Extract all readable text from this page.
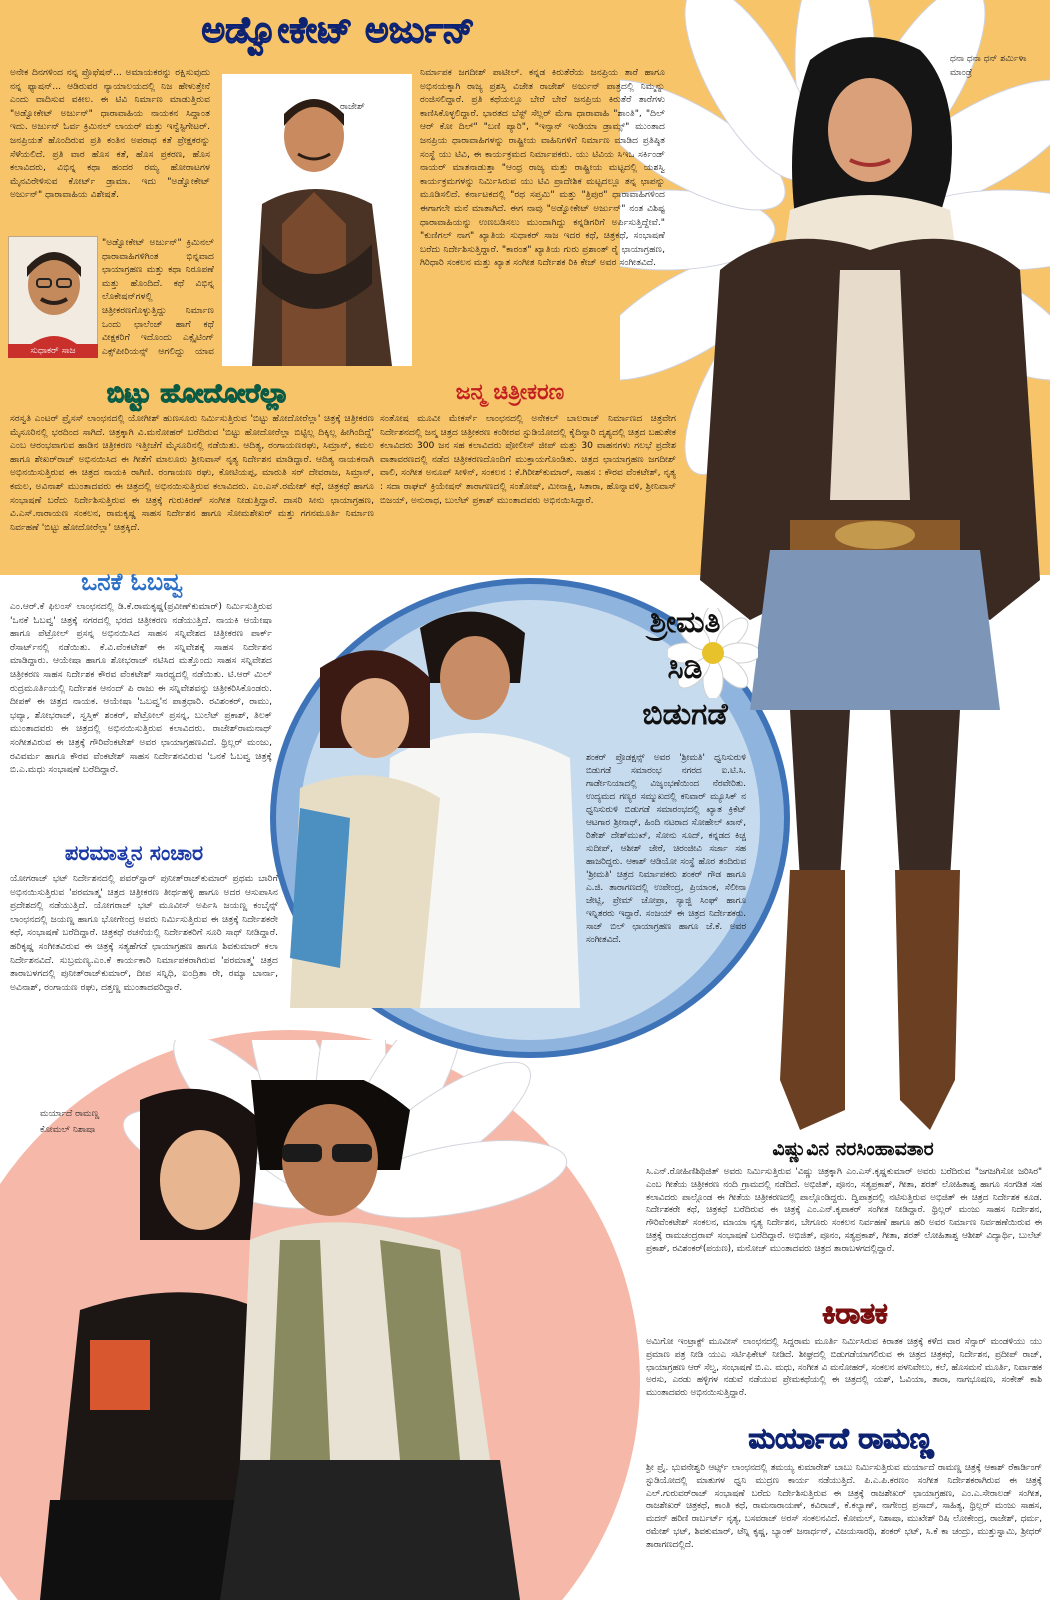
ಅಡ್ವೋಕೇಟ್ ಅರ್ಜುನ್
ಅನೇಕ ದಿನಗಳಿಂದ ನನ್ನ ಪ್ರೊಫೆಷನ್... ಅಮಾಯಕರನ್ನು ರಕ್ಷಿಸುವುದು ನನ್ನ ಫ್ಯಾಷನ್... ಆಡಿರುವರ ನ್ಯಾಯಾಲಯದಲ್ಲಿ ನಿಜ ಹೇಳುತ್ತೇನೆ ಎಂದು ವಾದಿಸುವ ವಕೀಲ. ಈ ಟಿವಿ ನಿರ್ಮಾಣ ಮಾಡುತ್ತಿರುವ "ಅಡ್ವೋಕೇಟ್ ಅರ್ಜುನ್" ಧಾರಾವಾಹಿಯ ನಾಯಕನ ಸಿದ್ದಾಂತ ಇದು. ಅರ್ಜುನ್ ಓರ್ವ ಕ್ರಿಮಿನಲ್ ಲಾಯರ್ ಮತ್ತು ಇನ್ವೆಸ್ಟಿಗೇಟರ್. ಜನಪ್ರಿಯತೆ ಹೊಂದಿರುವ ಪ್ರತಿ ಕಂತಿನ ಅಪರಾಧ ಕತೆ ಪ್ರೇಕ್ಷಕರನ್ನು ಸೆಳೆಯಲಿದೆ. ಪ್ರತಿ ವಾರ ಹೊಸ ಕತೆ, ಹೊಸ ಪ್ರಕರಣ, ಹೊಸ ಕಲಾವಿದರು, ವಿಭಿನ್ನ ಕಥಾ ಹಂದರ ರಮ್ಯ ಹೋರಾಟಗಳ ಮೈನವಿರೇಳಿಸುವ ಕೋರ್ಟ್ ಡ್ರಾಮಾ. ಇದು "ಅಡ್ವೋಕೇಟ್ ಅರ್ಜುನ್" ಧಾರಾವಾಹಿಯ ವಿಶೇಷತೆ.
ಸುಧಾಕರ್ ಸಾಜ
"ಅಡ್ವೋಕೇಟ್ ಅರ್ಜುನ್" ಕ್ರಿಮಿನಲ್ ಧಾರಾವಾಹಿಗಳಿಗಿಂತ ಭಿನ್ನವಾದ ಛಾಯಾಗ್ರಹಣ ಮತ್ತು ಕಥಾ ನಿರೂಪಣೆ ಮತ್ತು ಹೊಂದಿದೆ. ಕಥೆ ವಿಭಿನ್ನ ಲೊಕೇಷನ್‌ಗಳಲ್ಲಿ ಚಿತ್ರೀಕರಣಗೊಳ್ಳುತ್ತಿದ್ದು ನಿರ್ಮಾಣ ಒಂದು ಛಾಲೆಂಜ್ ಹಾಗೆ ಕಥೆ ವೀಕ್ಷಕರಿಗೆ ಇದೊಂದು ಎಕ್ಸೈಟಿಂಗ್ ಎಕ್ಸ್‌ಪೀರಿಯನ್ಸ್ ಆಗಲಿದ್ದು ಯಾವ
ರಾಜೇಶ್
ನಿರ್ಮಾಪಕ ಜಗದೀಶ್ ಪಾಟೀಲ್. ಕನ್ನಡ ಕಿರುತೆರೆಯ ಜನಪ್ರಿಯ ತಾರೆ ಹಾಗೂ ಅಭಿನಯಕ್ಕಾಗಿ ರಾಜ್ಯ ಪ್ರಶಸ್ತಿ ವಿಜೇತ ರಾಜೇಶ್ ಅರ್ಜುನ್ ಪಾತ್ರದಲ್ಲಿ ನಿಮ್ಮನ್ನು ರಂಜಿಸಲಿದ್ದಾರೆ. ಪ್ರತಿ ಕಥೆಯಲ್ಲೂ ಬೇರೆ ಬೇರೆ ಜನಪ್ರಿಯ ಕಿರುತೆರೆ ತಾರೆಗಳು ಕಾಣಿಸಿಕೊಳ್ಳಲಿದ್ದಾರೆ. ಭಾರತದ ಬೆಸ್ಟ್ ಸೆಲ್ಲರ್ ಮೆಗಾ ಧಾರಾವಾಹಿ "ಶಾಂತಿ", "ದಿಲ್ ಆರ್ ಕೋ ದಿಲ್" "ಬಣಿ ಪ್ಯಾರಿ", "ಇನ್ಸಾನ್ ಇಂಡಿಯಾ ಡ್ರಾಮ್ಸ್" ಮುಂತಾದ ಜನಪ್ರಿಯ ಧಾರಾವಾಹಿಗಳನ್ನು ರಾಷ್ಟ್ರೀಯ ವಾಹಿನಿಗಳಿಗೆ ನಿರ್ಮಾಣ ಮಾಡಿದ ಪ್ರತಿಷ್ಠಿತ ಸಂಸ್ಥೆ ಯು ಟಿವಿ, ಈ ಕಾರ್ಯಕ್ರಮದ ನಿರ್ಮಾಪಕರು. ಯು ಟಿವಿಯ ಸಿಇಒ ಸರ್ಕಿಂಡ್ ನಾಯರ್ ಮಾತನಾಡುತ್ತಾ "ಆಂಧ್ರ ರಾಜ್ಯ ಮತ್ತು ರಾಷ್ಟ್ರೀಯ ಮಟ್ಟದಲ್ಲಿ ಯಶಸ್ವಿ ಕಾರ್ಯಕ್ರಮಗಳನ್ನು ನಿರ್ಮಿಸಿರುವ ಯು ಟಿವಿ ಪ್ರಾದೇಶಿಕ ಮಟ್ಟದಲ್ಲೂ ತನ್ನ ಛಾಪನ್ನು ಮೂಡಿಸಲಿದೆ. ಕರ್ನಾಟಕದಲ್ಲಿ "ರಥ ಸಪ್ತಮಿ" ಮತ್ತು "ತ್ರಿಪುರ" ಧಾರಾವಾಹಿಗಳಿಂದ ಈಗಾಗಲೇ ಮನೆ ಮಾತಾಗಿದೆ. ಈಗ ನಾವು "ಅಡ್ವೋಕೇಟ್ ಅರ್ಜುನ್" ನಂತ ವಿಶಿಷ್ಟ ಧಾರಾವಾಹಿಯನ್ನು ಉಣಬಡಿಸಲು ಮುಂದಾಗಿದ್ದು ಕನ್ನಡಿಗರಿಗೆ ಅರ್ಪಿಸುತ್ತಿದ್ದೇವೆ." "ಕುಣಿಗಲ್ ನಾಗ" ಖ್ಯಾತಿಯ ಸುಧಾಕರ್ ಸಾಜ ಇದರ ಕಥೆ, ಚಿತ್ರಕಥೆ, ಸಂಭಾಷಣೆ ಬರೆದು ನಿರ್ದೇಶಿಸುತ್ತಿದ್ದಾರೆ. "ಕಾರಂತ" ಖ್ಯಾತಿಯ ಗುರು ಪ್ರಶಾಂತ್ ರೈ ಛಾಯಾಗ್ರಹಣ, ಗಿರಿಧಾರಿ ಸಂಕಲನ ಮತ್ತು ಖ್ಯಾತ ಸಂಗೀತ ನಿರ್ದೇಶಕ ರಿಕಿ ಕೇಜ್ ಅವರ ಸಂಗೀತವಿದೆ.
ಬಿಟ್ಟು ಹೋದೋರೆಲ್ಲಾ
ಸರಸ್ವತಿ ಎಂಟರ್ ಪ್ರೈಸಸ್ ಲಾಂಛನದಲ್ಲಿ ಯೋಗೀಶ್ ಹುಣಸೂರು ನಿರ್ಮಿಸುತ್ತಿರುವ 'ಬಿಟ್ಟು ಹೋದೋರೆಲ್ಲಾ' ಚಿತ್ರಕ್ಕೆ ಚಿತ್ರೀಕರಣ ಮೈಸೂರಿನಲ್ಲಿ ಭರದಿಂದ ಸಾಗಿದೆ. ಚಿತ್ರಕ್ಕಾಗಿ ವಿ.ಮನೋಹರ್ ಬರೆದಿರುವ 'ಬಿಟ್ಟು ಹೋದೋರೆಲ್ಲಾ ಬಿಟ್ಟಿಲ್ಲ ದಿಕ್ಕಿಲ್ಲ ಹೀಗಿಂದಿದ್ದೆ' ಎಂಬ ಆರಂಭವಾಗುವ ಹಾಡಿನ ಚಿತ್ರೀಕರಣ ಇತ್ತೀಚೆಗೆ ಮೈಸೂರಿನಲ್ಲಿ ನಡೆಯಿತು. ಆದಿತ್ಯ, ರಂಗಾಯಣರಘು, ಸಿಮ್ರಾನ್, ಕಮಲ ಹಾಗೂ ಶೇಖರ್‌ರಾಜ್ ಅಭಿನಯಿಸಿದ ಈ ಗೀತೆಗೆ ಮಾಲೂರು ಶ್ರೀನಿವಾಸ್ ನೃತ್ಯ ನಿರ್ದೇಶನ ಮಾಡಿದ್ದಾರೆ. ಆದಿತ್ಯ ನಾಯಕನಾಗಿ ಅಭಿನಯಿಸುತ್ತಿರುವ ಈ ಚಿತ್ರದ ನಾಯಕಿ ರಾಗಿಣಿ. ರಂಗಾಯಣ ರಘು, ಕೋಟಿಯಪ್ಪ, ಮಾರುತಿ ಸರ್ ದೇವರಾಜ, ಸಿಮ್ರಾನ್, ಕಮಲ, ಅವಿನಾಶ್ ಮುಂತಾದವರು ಈ ಚಿತ್ರದಲ್ಲಿ ಅಭಿನಯಿಸುತ್ತಿರುವ ಕಲಾವಿದರು. ಎಂ.ಎಸ್.ರಮೇಶ್ ಕಥೆ, ಚಿತ್ರಕಥೆ ಹಾಗೂ ಸಂಭಾಷಣೆ ಬರೆದು ನಿರ್ದೇಶಿಸುತ್ತಿರುವ ಈ ಚಿತ್ರಕ್ಕೆ ಗುರುಕಿರಣ್ ಸಂಗೀತ ನೀಡುತ್ತಿದ್ದಾರೆ. ದಾಸರಿ ಸೀನು ಛಾಯಾಗ್ರಹಣ, ವಿ.ಎಸ್.ನಾರಾಯಣ ಸಂಕಲನ, ರಾಮಕೃಷ್ಣ ಸಾಹಸ ನಿರ್ದೇಶನ ಹಾಗೂ ಸೋಮಶೇಖರ್ ಮತ್ತು ಗಗನಮೂರ್ತಿ ನಿರ್ಮಾಣ ನಿರ್ವಹಣೆ 'ಬಿಟ್ಟು ಹೋದೋರೆಲ್ಲಾ' ಚಿತ್ರಕ್ಕಿದೆ.
ಜನ್ಮ ಚಿತ್ರೀಕರಣ
ಸಂತೋಷ ಮೂವೀ ಮೇಕರ್ಸ್ ಲಾಂಛನದಲ್ಲಿ ಅನೇಕಲ್ ಬಾಲರಾಜ್ ನಿರ್ಮಾಣದ ಚಿತ್ರವೇಗ ನಿರ್ದೇಶನದಲ್ಲಿ ಜನ್ಮ ಚಿತ್ರದ ಚಿತ್ರೀಕರಣ ಕಂಠೀರವ ಸ್ಟುಡಿಯೋದಲ್ಲಿ ಕೈದಿನ್ನಾರಿ ದೃಶ್ಯದಲ್ಲಿ ಚಿತ್ರದ ಬಹುತೇಕ ಕಲಾವಿದರು 300 ಜನ ಸಹ ಕಲಾವಿದರು ಪೋಲೀಸ್ ಜೀಪ್ ಮತ್ತು 30 ವಾಹನಗಳು ಗಲಭೆ ಪ್ರದೇಶ ವಾತಾವರಣದಲ್ಲಿ ನಡೆದ ಚಿತ್ರೀಕರಣದೊಂದಿಗೆ ಮುಕ್ತಾಯಗೊಂಡಿತು. ಚಿತ್ರದ ಛಾಯಾಗ್ರಹಣ ಜಗದೀಶ್ ವಾಲಿ, ಸಂಗೀತ ಅನೂಪ್ ಸೀಳಿನ್, ಸಂಕಲನ : ಕೆ.ಗಿರೀಶ್‌ಕುಮಾರ್, ಸಾಹಸ : ಕೌರವ ವೆಂಕಟೇಶ್, ನೃತ್ಯ : ಸದಾ ರಾಘವ್ ಕ್ರಿಯೇಷನ್ ತಾರಾಗಣದಲ್ಲಿ ಸಂತೋಷ್, ಮೀನಾಕ್ಷಿ, ಸಿತಾರಾ, ಹೊನ್ನಾವಳಿ, ಶ್ರೀನಿವಾಸ್ ಬಿಜಯ್, ಅನುರಾಧ, ಬುಲೆಟ್ ಪ್ರಕಾಶ್ ಮುಂತಾದವರು ಅಭಿನಯಿಸಿದ್ದಾರೆ.
ಧನಾ ಧನಾ ಧನ್ ಶರ್ಮಿಳಾ ಮಾಂಡ್ರೆ
ಒನಕೆ ಓಬವ್ವ
ಎಂ.ಆರ್.ಕೆ ಫಿಲಂಸ್ ಲಾಂಛನದಲ್ಲಿ ಡಿ.ಕೆ.ರಾಮಕೃಷ್ಣ(ಪ್ರವೀಣ್‌ಕುಮಾರ್) ನಿರ್ಮಿಸುತ್ತಿರುವ 'ಒನಕೆ ಓಬವ್ವ' ಚಿತ್ರಕ್ಕೆ ನಗರದಲ್ಲಿ ಭರದ ಚಿತ್ರೀಕರಣ ನಡೆಯುತ್ತಿದೆ. ನಾಯಕಿ ಆಯೇಷಾ ಹಾಗೂ ಪೆಟ್ರೋಲ್ ಪ್ರಸನ್ನ ಅಭಿನಯಿಸಿದ ಸಾಹಸ ಸನ್ನಿವೇಶದ ಚಿತ್ರೀಕರಣ ಪಾರ್ಕ್ ರೆಸಾರ್ಟ್‌ನಲ್ಲಿ ನಡೆಯಿತು. ಕೆ.ವಿ.ವೆಂಕಟೇಶ್ ಈ ಸನ್ನಿವೇಶಕ್ಕೆ ಸಾಹಸ ನಿರ್ದೇಶನ ಮಾಡಿದ್ದಾರು. ಆಯೇಷಾ ಹಾಗೂ ಶೋಭರಾಜ್ ನಟಿಸಿದ ಮತ್ತೊಂದು ಸಾಹಸ ಸನ್ನಿವೇಶದ ಚಿತ್ರೀಕರಣ ಸಾಹಸ ನಿರ್ದೇಶಕ ಕೌರವ ವೆಂಕಟೇಶ್ ಸಾರಥ್ಯದಲ್ಲಿ ನಡೆಯಿತು. ಟಿ.ಆರ್ ಮಿಲ್ ರುದ್ರಮೂರ್ತಿಯಲ್ಲಿ ನಿರ್ದೇಶಕ ಆನಂದ್ ಪಿ ರಾಜು ಈ ಸನ್ನಿವೇಶವನ್ನು ಚಿತ್ರೀಕರಿಸಿಕೊಂಡರು. ದೀಪಕ್ ಈ ಚಿತ್ರದ ನಾಯಕ. ಆಯೇಷಾ 'ಒಬವ್ವ'ನ ಪಾತ್ರಧಾರಿ. ರವಿಶಂಕರ್, ರಾಮು, ಭವ್ಯಾ, ಶೋಭರಾಜ್, ಸ್ವಸ್ತಿಕ್ ಶಂಕರ್, ಪೆಟ್ರೋಲ್ ಪ್ರಸನ್ನ, ಬುಲೆಟ್ ಪ್ರಕಾಶ್, ತಿಲಕ್ ಮುಂತಾದವರು ಈ ಚಿತ್ರದಲ್ಲಿ ಅಭಿನಯಿಸುತ್ತಿರುವ ಕಲಾವಿದರು. ರಾಜೇಶ್‌ರಾಮನಾಥ್ ಸಂಗೀತವಿರುವ ಈ ಚಿತ್ರಕ್ಕೆ ಗೌರಿವೆಂಕಟೇಶ್ ಅವರ ಛಾಯಾಗ್ರಹಣವಿದೆ. ಥ್ರಿಲ್ಲರ್ ಮಂಜು, ರವಿವರ್ಮ ಹಾಗೂ ಕೌರವ ವೆಂಕಟೇಶ್ ಸಾಹಸ ನಿರ್ದೇಶನವಿರುವ 'ಒನಕೆ ಓಬವ್ವ ಚಿತ್ರಕ್ಕೆ ಬಿ.ಎ.ಮಧು ಸಂಭಾಷಣೆ ಬರೆದಿದ್ದಾರೆ.
ಪರಮಾತ್ಮನ ಸಂಚಾರ
ಯೋಗರಾಜ್ ಭಟ್ ನಿರ್ದೇಶನದಲ್ಲಿ ಪವರ್‌ಸ್ಟಾರ್ ಪುನೀತ್‌ರಾಜ್‌ಕುಮಾರ್ ಪ್ರಥಮ ಬಾರಿಗೆ ಅಭಿನಯಿಸುತ್ತಿರುವ 'ಪರಮಾತ್ಮ' ಚಿತ್ರದ ಚಿತ್ರೀಕರಣ ತೀರ್ಥಹಳ್ಳಿ ಹಾಗೂ ಅದರ ಆಸುಪಾಸಿನ ಪ್ರದೇಶದಲ್ಲಿ ನಡೆಯುತ್ತಿದೆ. ಯೋಗರಾಜ್ ಭಟ್ ಮೂವೀಸ್ ಅರ್ಪಿಸಿ ಜಯಣ್ಣ ಕಂಬೈನ್ಸ್ ಲಾಂಛನದಲ್ಲಿ ಜಯಣ್ಣ ಹಾಗೂ ಭೋಗೇಂದ್ರ ಅವರು ನಿರ್ಮಿಸುತ್ತಿರುವ ಈ ಚಿತ್ರಕ್ಕೆ ನಿರ್ದೇಶಕರೇ ಕಥೆ, ಸಂಭಾಷಣೆ ಬರೆದಿದ್ದಾರೆ. ಚಿತ್ರಕಥೆ ರಚನೆಯಲ್ಲಿ ನಿರ್ದೇಶಕರಿಗೆ ಸೂರಿ ಸಾಥ್ ನೀಡಿದ್ದಾರೆ. ಹರಿಕೃಷ್ಣ ಸಂಗೀತವಿರುವ ಈ ಚಿತ್ರಕ್ಕೆ ಸತ್ಯಹೆಗಡೆ ಛಾಯಾಗ್ರಹಣ ಹಾಗೂ ಶಿವಕುಮಾರ್ ಕಲಾ ನಿರ್ದೇಶನವಿದೆ. ಸುಬ್ರಮಣ್ಯ.ಎಂ.ಕೆ ಕಾರ್ಯಕಾರಿ ನಿರ್ಮಾಪಕರಾಗಿರುವ 'ಪರಮಾತ್ಮ' ಚಿತ್ರದ ತಾರಾಬಳಗದಲ್ಲಿ ಪುನೀತ್‌ರಾಜ್‌ಕುಮಾರ್, ದೀಪ ಸನ್ನಿಧಿ, ಐಂದ್ರಿತಾ ರೇ, ರಮ್ಯಾ ಬಾರ್ನಾ, ಅವಿನಾಶ್, ರಂಗಾಯಣ ರಘು, ದತ್ತಣ್ಣ ಮುಂತಾದವರಿದ್ದಾರೆ.
ಶ್ರೀಮತಿ
ಸಿಡಿ
ಬಿಡುಗಡೆ
ಶಂಕರ್ ಪ್ರೊಡಕ್ಷನ್ಸ್ ಅವರ 'ಶ್ರೀಮತಿ' ಧ್ವನಿಸುರುಳಿ ಬಿಡುಗಡೆ ಸಮಾರಂಭ ನಗರದ ಐ.ಟಿ.ಸಿ. ಗಾರ್ಡೇನಿಯಾದಲ್ಲಿ ವಿಜೃಂಭಣೆಯಿಂದ ನೆರವೇರಿತು. ಉದ್ಯಮದ ಗಣ್ಯರ ಸಮ್ಮುಖದಲ್ಲಿ ಕನಿವಾರ್ ಮ್ಯೂಸಿಕ್ ನ ಧ್ವನಿಸುರುಳಿ ಬಿಡುಗಡೆ ಸಮಾರಂಭದಲ್ಲಿ ಖ್ಯಾತ ಕ್ರಿಕೆಟ್ ಆಟಗಾರ ಶ್ರೀನಾಥ್, ಹಿಂದಿ ನಟರಾದ ಸೋಹೇಲ್ ಖಾನ್, ರಿತೇಶ್ ದೇಶ್‌ಮುಖ್, ಸೋನು ಸೂದ್, ಕನ್ನಡದ ಕಿಚ್ಚ ಸುದೀಪ್, ಆಶೀಶ್ ಜೇಠೆ, ಚಿರಂಜೀವಿ ಸರ್ಜಾ ಸಹ ಹಾಜರಿದ್ದರು. ಆಕಾಶ್ ಆಡಿಯೋ ಸಂಸ್ಥೆ ಹೊರ ತಂದಿರುವ 'ಶ್ರೀಮತಿ' ಚಿತ್ರದ ನಿರ್ಮಾಪಕರು ಶಂಕರ್ ಗೌಡ ಹಾಗೂ ಎ.ಜಿ. ತಾರಾಗಣದಲ್ಲಿ ಉಪೇಂದ್ರ, ಪ್ರಿಯಾಂಕ, ಸೆಲೀನಾ ಜೇಟ್ಲಿ, ಪ್ರೇಮ್ ಚೋಪ್ರಾ, ಸ್ಯಾಜ್ಜಿ ಸಿಂಘ್ ಹಾಗೂ ಇನ್ನಿತರರು ಇದ್ದಾರೆ. ಸಂಜಯ್ ಈ ಚಿತ್ರದ ನಿರ್ದೇಶಕರು. ಸಾಜ್ ಬಿಲ್ ಛಾಯಾಗ್ರಹಣ ಹಾಗೂ ಜೆ.ಕೆ. ಅವರ ಸಂಗೀತವಿದೆ.
ಮರ್ಯಾದೆ ರಾಮಣ್ಣ ಕೋಮಲ್ ನಿಶಾಷಾ
ವಿಷ್ಣುವಿನ ನರಸಿಂಹಾವತಾರ
ಸಿ.ಎನ್.ರೋಹಿಣಿಶಿಥಿಜಿತ್ ಅವರು ನಿರ್ಮಿಸುತ್ತಿರುವ 'ವಿಷ್ಣು ಚಿತ್ರಕ್ಕಾಗಿ ಎಂ.ಎಸ್.ಕೃಷ್ಣಕುಮಾರ್ ಅವರು ಬರೆದಿರುವ "ಜಗಜಗಿಸೋ ಜರಿಸಿರ" ಎಂಬ ಗೀತೆಯ ಚಿತ್ರೀಕರಣ ನಂದಿ ಗ್ರಾಮದಲ್ಲಿ ನಡೆದಿದೆ. ಅಭಿಜಿತ್, ಪೂನಂ, ಸತ್ಯಪ್ರಕಾಶ್, ಗೀತಾ, ಶರತ್ ಲೋಹಿತಾಶ್ವ ಹಾಗೂ ಸಂಗಡಿತ ಸಹ ಕಲಾವಿದರು ಪಾಲ್ಗೊಂಡ ಈ ಗೀತೆಯ ಚಿತ್ರೀಕರಣದಲ್ಲಿ ಪಾಲ್ಗೊಂಡಿದ್ದರು. ದ್ವಿಪಾತ್ರದಲ್ಲಿ ನಟಿಸುತ್ತಿರುವ ಅಭಿಜಿತ್ ಈ ಚಿತ್ರದ ನಿರ್ದೇಶಕ ಕೂಡ. ನಿರ್ದೇಶಕರೇ ಕಥೆ, ಚಿತ್ರಕಥೆ ಬರೆದಿರುವ ಈ ಚಿತ್ರಕ್ಕೆ ಎಂ.ಎನ್.ಕೃಪಾಕರ್ ಸಂಗೀತ ನೀಡಿದ್ದಾರೆ. ಥ್ರಿಲ್ಲರ್ ಮಂಜು ಸಾಹಸ ನಿರ್ದೇಶನ, ಗೌರಿವೆಂಕಟೇಶ್ ಸಂಕಲನ, ಮಾಯಾ ನೃತ್ಯ ನಿರ್ದೇಶನ, ಬೇಗೂರು ಸಂಕಲನ ನಿರ್ವಹಣೆ ಹಾಗೂ ಹರಿ ಅವರ ನಿರ್ಮಾಣ ನಿರ್ವಹಣೆಯಿರುವ ಈ ಚಿತ್ರಕ್ಕೆ ರಾಮಚಂದ್ರರಾವ್ ಸಂಭಾಷಣೆ ಬರೆದಿದ್ದಾರೆ. ಅಭಿಜಿತ್, ಪೂನಂ, ಸತ್ಯಪ್ರಕಾಶ್, ಗೀತಾ, ಶರತ್ ಲೋಹಿತಾಶ್ವ ಆಶೀಶ್ ವಿದ್ಯಾರ್ಥಿ, ಬುಲೆಟ್ ಪ್ರಕಾಶ್, ರವಿಶಂಕರ್(ಪಯಣ), ಮನೋಜ್ ಮುಂತಾದವರು ಚಿತ್ರದ ತಾರಾಬಳಗದಲ್ಲಿದ್ದಾರೆ.
ಕಿರಾತಕ
ಅಮಿಗೋ ಇಂಟ್ರಾಕ್ಟ್ ಮೂವೀಸ್ ಲಾಂಛನದಲ್ಲಿ ಸಿದ್ದರಾಮ ಮೂರ್ತಿ ನಿರ್ಮಿಸಿರುವ ಕಿರಾತಕ ಚಿತ್ರಕ್ಕೆ ಕಳೆದ ವಾರ ಸೆನ್ಸಾರ್ ಮಂಡಳಿಯು ಯು ಪ್ರಮಾಣ ಪತ್ರ ನೀಡಿ ಯುಎ ಸರ್ಟಿಫಿಕೇಟ್ ನೀಡಿದೆ. ಶೀಘ್ರದಲ್ಲಿ ಬಿಡುಗಡೆಯಾಗಲಿರುವ ಈ ಚಿತ್ರದ ಚಿತ್ರಕಥೆ, ನಿರ್ದೇಶನ, ಪ್ರದೀಪ್ ರಾಜ್, ಛಾಯಾಗ್ರಹಣ ಆರ್ ಸೆಲ್ವ, ಸಂಭಾಷಣೆ ಬಿ.ಎ. ಮಧು, ಸಂಗೀತ ವಿ ಮನೋಹರ್, ಸಂಕಲನ ಪಳನಿವೇಲು, ಕಲೆ, ಹೊಸಮನೆ ಮೂರ್ತಿ, ನಿರ್ವಾಹಕ ಅರಸು, ಎರಡು ಹಳ್ಳಿಗಳ ನಡುವೆ ನಡೆಯುವ ಪ್ರೇಮಕಥೆಯಲ್ಲಿ ಈ ಚಿತ್ರದಲ್ಲಿ ಯಶ್, ಓವಿಯಾ, ತಾರಾ, ನಾಗಭೂಷಣ, ಸಂಕೇತ್ ಕಾಶಿ ಮುಂತಾದವರು ಅಭಿನಯಿಸುತ್ತಿದ್ದಾರೆ.
ಮರ್ಯಾದೆ ರಾಮಣ್ಣ
ಶ್ರೀ ಪ್ರೈ. ಭುವನೇಶ್ವರಿ ಆರ್ಟ್ಸ್ ಲಾಂಛನದಲ್ಲಿ ತಮಯ್ಯ ಕುಮಾರೇಶ್ ಬಾಬು ನಿರ್ಮಿಸುತ್ತಿರುವ ಮರ್ಯಾದೆ ರಾಮಣ್ಣ ಚಿತ್ರಕ್ಕೆ ಆಕಾಶ್ ರೆಕಾರ್ಡಿಂಗ್ ಸ್ಟುಡಿಯೋದಲ್ಲಿ ಮಾತುಗಳ ಧ್ವನಿ ಮುದ್ರಣ ಕಾರ್ಯ ನಡೆಯುತ್ತಿದೆ. ಪಿ.ಎ.ಪಿ.ಕರಣಂ ಸಂಗೀತ ನಿರ್ದೇಶಕರಾಗಿರುವ ಈ ಚಿತ್ರಕ್ಕೆ ಎಲ್.ಗುರುವರ್‌ರಾಜ್ ಸಂಭಾಷಣೆ ಬರೆದು ನಿರ್ದೇಶಿಸುತ್ತಿರುವ ಈ ಚಿತ್ರಕ್ಕೆ ರಾಜಶೇಖರ್ ಛಾಯಾಗ್ರಹಣ, ಎಂ.ಎ.ಸೇರಾಲಡ್ ಸಂಗೀತ, ರಾಜಶೇಖರ್ ಚಿತ್ರಕಥೆ, ಕಾಂತಿ ಕಥೆ, ರಾಮನಾರಾಯಣ್, ಕವಿರಾಜ್, ಕೆ.ಕಲ್ಯಾಣ್, ನಾಗೇಂದ್ರ ಪ್ರಸಾದ್, ಸಾಹಿತ್ಯ, ಥ್ರಿಲ್ಲರ್ ಮಂಜು ಸಾಹಸ, ಮದನ್ ಹರಿಣಿ ರಾರ್ಬರ್ಟ್ ನೃತ್ಯ, ಬಸವರಾಜ್ ಅರಸ್ ಸಂಕಲನವಿದೆ. ಕೋಮಲ್, ನಿಶಾಷಾ, ಮುಖೇಶ್ ರಿಷಿ ಲೋಕೇಂದ್ರ, ರಾಜೇಶ್, ಧರ್ಮ, ರಮೇಶ್ ಭಟ್, ಶಿವಕುಮಾರ್, ಟೆನ್ನಿ ಕೃಷ್ಣ, ಬ್ಯಾಂಕ್ ಜನಾರ್ಧನ್, ವಿಜಯಸಾರಥಿ, ಶಂಕರ್ ಭಟ್, ಸಿ.ಕೆ ಕಾ ಚಂದ್ರು, ಮುತ್ತುಸ್ವಾಮಿ, ಶ್ರೀಧರ್ ತಾರಾಗಣದಲ್ಲಿದೆ.
